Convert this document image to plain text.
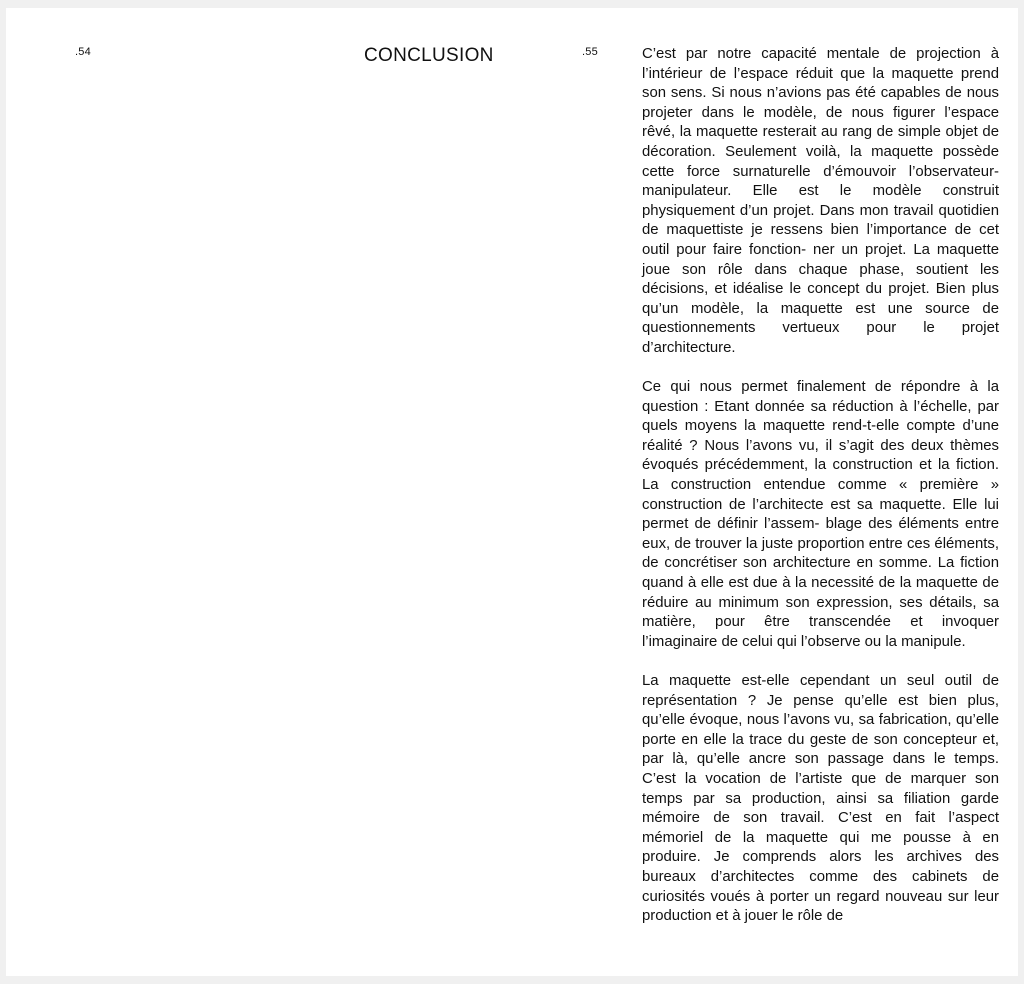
.54	CONCLUSION	.55	C’est par notre capacité mentale de projection à l’intérieur de l’espace réduit que la maquette prend son sens. Si nous n’avions pas été capables de nous projeter dans le modèle, de nous figurer l’espace rêvé, la maquette resterait au rang de simple objet de décoration. Seulement voilà, la maquette possède cette force surnaturelle d’émouvoir l’observateur-manipulateur. Elle est le modèle construit physiquement d’un projet. Dans mon travail quotidien de maquettiste je ressens bien l’importance de cet outil pour faire fonction- ner un projet. La maquette joue son rôle dans chaque phase, soutient les décisions, et idéalise le concept du projet. Bien plus qu’un modèle, la maquette est une source de questionnements vertueux pour le projet d’architecture.

Ce qui nous permet finalement de répondre à la question : Etant donnée sa réduction à l’échelle, par quels moyens la maquette rend-t-elle compte d’une réalité ? Nous l’avons vu, il s’agit des deux thèmes évoqués précédemment, la construction et la fiction. La construction entendue comme « première » construction de l’architecte est sa maquette. Elle lui permet de définir l’assem- blage des éléments entre eux, de trouver la juste proportion entre ces éléments, de concrétiser son architecture en somme. La fiction quand à elle est due à la necessité de la maquette de réduire au minimum son expression, ses détails, sa matière, pour être transcendée et invoquer l’imaginaire de celui qui l’observe ou la manipule.

La maquette est-elle cependant un seul outil de représentation ? Je pense qu’elle est bien plus, qu’elle évoque, nous l’avons vu, sa fabrication, qu’elle porte en elle la trace du geste de son concepteur et, par là, qu’elle ancre son passage dans le temps. C’est la vocation de l’artiste que de marquer son temps par sa production, ainsi sa filiation garde mémoire de son travail. C’est en fait l’aspect mémoriel de la maquette qui me pousse à en produire. Je comprends alors les archives des bureaux d’architectes comme des cabinets de curiosités voués à porter un regard nouveau sur leur production et à jouer le rôle de
